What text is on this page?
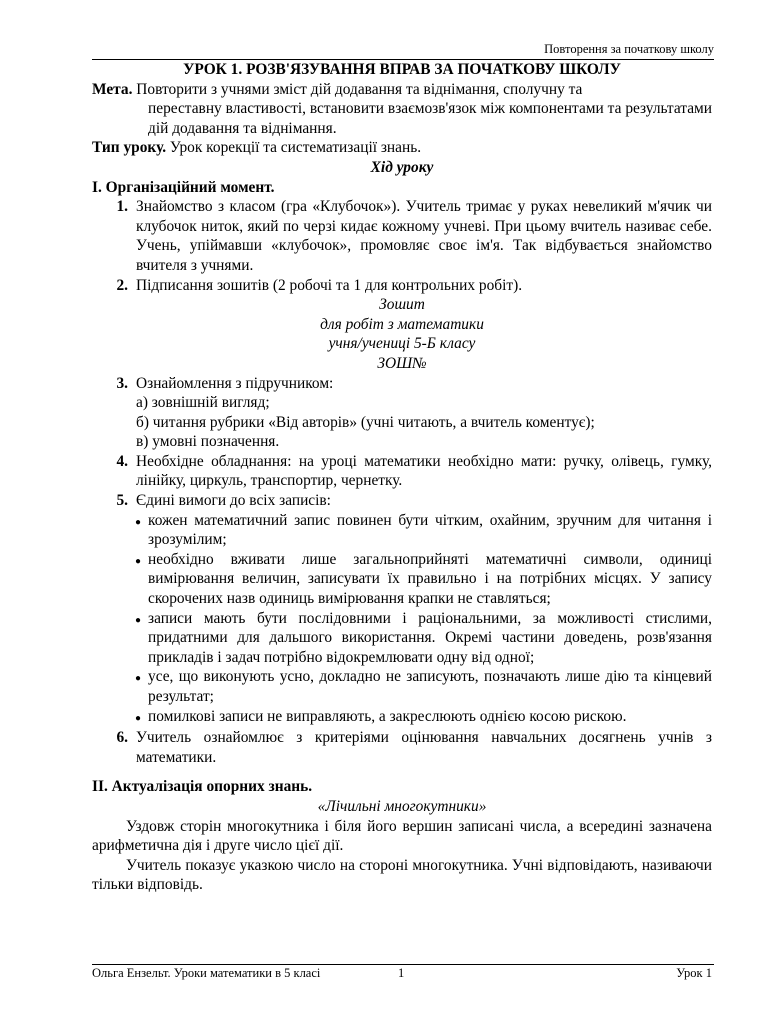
Повторення за початкову школу
УРОК 1. РОЗВ'ЯЗУВАННЯ ВПРАВ ЗА ПОЧАТКОВУ ШКОЛУ

Мета. Повторити з учнями зміст дій додавання та віднімання, сполучну та

переставну властивості, встановити взаємозв'язок між компонентами та результатами дій додавання та віднімання.

Тип уроку. Урок корекції та систематизації знань.

Хід уроку
I. Організаційний момент.
1. Знайомство з класом (гра «Клубочок»). Учитель тримає у руках невеликий м'ячик чи клубочок ниток, який по черзі кидає кожному учневі. При цьому вчитель називає себе. Учень, упіймавши «клубочок», промовляє своє ім'я. Так відбувається знайомство вчителя з учнями.
2. Підписання зошитів (2 робочі та 1 для контрольних робіт).
Зошит
для робіт з математики
учня/учениці 5-Б класу
ЗОШ№
3. Ознайомлення з підручником:
а) зовнішній вигляд;
б) читання рубрики «Від авторів» (учні читають, а вчитель коментує);
в) умовні позначення.
4. Необхідне обладнання: на уроці математики необхідно мати: ручку, олівець, гумку, лінійку, циркуль, транспортир, чернетку.
5. Єдині вимоги до всіх записів:
● кожен математичний запис повинен бути чітким, охайним, зручним для читання і зрозумілим;
● необхідно вживати лише загальноприйняті математичні символи, одиниці вимірювання величин, записувати їх правильно і на потрібних місцях. У запису скорочених назв одиниць вимірювання крапки не ставляться;
● записи мають бути послідовними і раціональними, за можливості стислими, придатними для дальшого використання. Окремі частини доведень, розв'язання прикладів і задач потрібно відокремлювати одну від одної;
● усе, що виконують усно, докладно не записують, позначають лише дію та кінцевий результат;
● помилкові записи не виправляють, а закреслюють однією косою рискою.
6. Учитель ознайомлює з критеріями оцінювання навчальних досягнень учнів з математики.
II. Актуалізація опорних знань.
«Лічильні многокутники»

Уздовж сторін многокутника і біля його вершин записані числа, а всередині зазначена арифметична дія і друге число цієї дії.

Учитель показує указкою число на стороні многокутника. Учні відповідають, називаючи тільки відповідь.

Ольга Ензельт. Уроки математики в 5 класі	1	Урок 1
